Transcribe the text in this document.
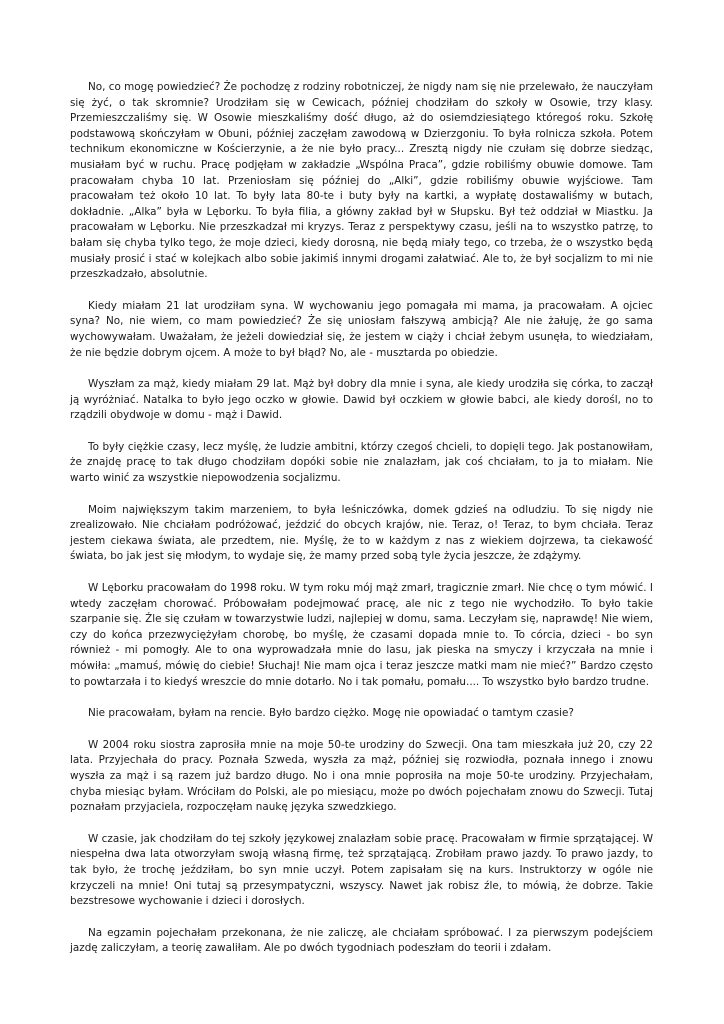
No, co mogę powiedzieć? Że pochodzę z rodziny robotniczej, że nigdy nam się nie przelewało, że nauczyłam się żyć, o tak skromnie? Urodziłam się w Cewicach, później chodziłam do szkoły w Osowie, trzy klasy. Przemieszczaliśmy się. W Osowie mieszkaliśmy dość długo, aż do osiemdziesiątego któregoś roku. Szkołę podstawową skończyłam w Obuni, później zaczęłam zawodową w Dzierzgoniu. To była rolnicza szkoła. Potem technikum ekonomiczne w Kościerzynie, a że nie było pracy... Zresztą nigdy nie czułam się dobrze siedząc, musiałam być w ruchu. Pracę podjęłam w zakładzie „Wspólna Praca”, gdzie robiliśmy obuwie domowe. Tam pracowałam chyba 10 lat. Przeniosłam się później do „Alki”, gdzie robiliśmy obuwie wyjściowe. Tam pracowałam też około 10 lat. To były lata 80-te i buty były na kartki, a wypłatę dostawaliśmy w butach, dokładnie. „Alka” była w Lęborku. To była filia, a główny zakład był w Słupsku. Był też oddział w Miastku. Ja pracowałam w Lęborku. Nie przeszkadzał mi kryzys. Teraz z perspektywy czasu, jeśli na to wszystko patrzę, to bałam się chyba tylko tego, że moje dzieci, kiedy dorosną, nie będą miały tego, co trzeba, że o wszystko będą musiały prosić i stać w kolejkach albo sobie jakimiś innymi drogami załatwiać. Ale to, że był socjalizm to mi nie przeszkadzało, absolutnie.

Kiedy miałam 21 lat urodziłam syna. W wychowaniu jego pomagała mi mama, ja pracowałam. A ojciec syna? No, nie wiem, co mam powiedzieć? Że się uniosłam fałszywą ambicją? Ale nie żałuję, że go sama wychowywałam. Uważałam, że jeżeli dowiedział się, że jestem w ciąży i chciał żebym usunęła, to wiedziałam, że nie będzie dobrym ojcem. A może to był błąd? No, ale - musztarda po obiedzie.

Wyszłam za mąż, kiedy miałam 29 lat. Mąż był dobry dla mnie i syna, ale kiedy urodziła się córka, to zaczął ją wyróżniać. Natalka to było jego oczko w głowie. Dawid był oczkiem w głowie babci, ale kiedy dorośl, no to rządzili obydwoje w domu - mąż i Dawid.

To były ciężkie czasy, lecz myślę, że ludzie ambitni, którzy czegoś chcieli, to dopięli tego. Jak postanowiłam, że znajdę pracę to tak długo chodziłam dopóki sobie nie znalazłam, jak coś chciałam, to ja to miałam. Nie warto winić za wszystkie niepowodzenia socjalizmu.

Moim największym takim marzeniem, to była leśniczówka, domek gdzieś na odludziu. To się nigdy nie zrealizowało. Nie chciałam podróżować, jeździć do obcych krajów, nie. Teraz, o! Teraz, to bym chciała. Teraz jestem ciekawa świata, ale przedtem, nie. Myślę, że to w każdym z nas z wiekiem dojrzewa, ta ciekawość świata, bo jak jest się młodym, to wydaje się, że mamy przed sobą tyle życia jeszcze, że zdążymy.

W Lęborku pracowałam do 1998 roku. W tym roku mój mąż zmarł, tragicznie zmarł. Nie chcę o tym mówić. I wtedy zaczęłam chorować. Próbowałam podejmować pracę, ale nic z tego nie wychodziło. To było takie szarpanie się. Źle się czułam w towarzystwie ludzi, najlepiej w domu, sama. Leczyłam się, naprawdę! Nie wiem, czy do końca przezwyciężyłam chorobę, bo myślę, że czasami dopada mnie to. To córcia, dzieci - bo syn również - mi pomogły. Ale to ona wyprowadzała mnie do lasu, jak pieska na smyczy i krzyczała na mnie i mówiła: „mamuś, mówię do ciebie! Słuchaj! Nie mam ojca i teraz jeszcze matki mam nie mieć?” Bardzo często to powtarzała i to kiedyś wreszcie do mnie dotarło. No i tak pomału, pomału.... To wszystko było bardzo trudne.

Nie pracowałam, byłam na rencie. Było bardzo ciężko. Mogę nie opowiadać o tamtym czasie?

W 2004 roku siostra zaprosiła mnie na moje 50-te urodziny do Szwecji. Ona tam mieszkała już 20, czy 22 lata. Przyjechała do pracy. Poznała Szweda, wyszła za mąż, później się rozwiodła, poznała innego i znowu wyszła za mąż i są razem już bardzo długo. No i ona mnie poprosiła na moje 50-te urodziny. Przyjechałam, chyba miesiąc byłam. Wróciłam do Polski, ale po miesiącu, może po dwóch pojechałam znowu do Szwecji. Tutaj poznałam przyjaciela, rozpoczęłam naukę języka szwedzkiego.

W czasie, jak chodziłam do tej szkoły językowej znalazłam sobie pracę. Pracowałam w firmie sprzątającej. W niespełna dwa lata otworzyłam swoją własną firmę, też sprzątającą. Zrobiłam prawo jazdy. To prawo jazdy, to tak było, że trochę jeździłam, bo syn mnie uczył. Potem zapisałam się na kurs. Instruktorzy w ogóle nie krzyczeli na mnie! Oni tutaj są przesympatyczni, wszyscy. Nawet jak robisz źle, to mówią, że dobrze. Takie bezstresowe wychowanie i dzieci i dorosłych.

Na egzamin pojechałam przekonana, że nie zaliczę, ale chciałam spróbować. I za pierwszym podejściem jazdę zaliczyłam, a teorię zawaliłam. Ale po dwóch tygodniach podeszłam do teorii i zdałam.
